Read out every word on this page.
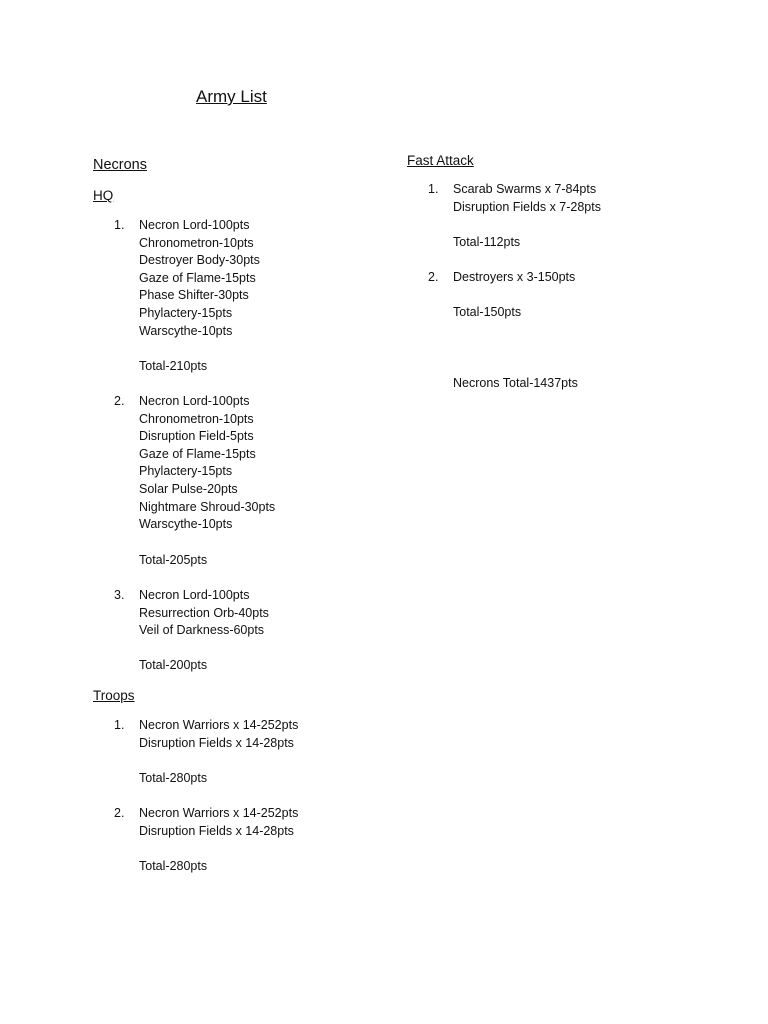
Army List
Necrons
HQ
1. Necron Lord-100pts
Chronometron-10pts
Destroyer Body-30pts
Gaze of Flame-15pts
Phase Shifter-30pts
Phylactery-15pts
Warscythe-10pts
Total-210pts
2. Necron Lord-100pts
Chronometron-10pts
Disruption Field-5pts
Gaze of Flame-15pts
Phylactery-15pts
Solar Pulse-20pts
Nightmare Shroud-30pts
Warscythe-10pts
Total-205pts
3. Necron Lord-100pts
Resurrection Orb-40pts
Veil of Darkness-60pts
Total-200pts
Troops
1. Necron Warriors x 14-252pts
Disruption Fields x 14-28pts
Total-280pts
2. Necron Warriors x 14-252pts
Disruption Fields x 14-28pts
Total-280pts
Fast Attack
1. Scarab Swarms x 7-84pts
Disruption Fields x 7-28pts
Total-112pts
2. Destroyers x 3-150pts
Total-150pts
Necrons Total-1437pts
